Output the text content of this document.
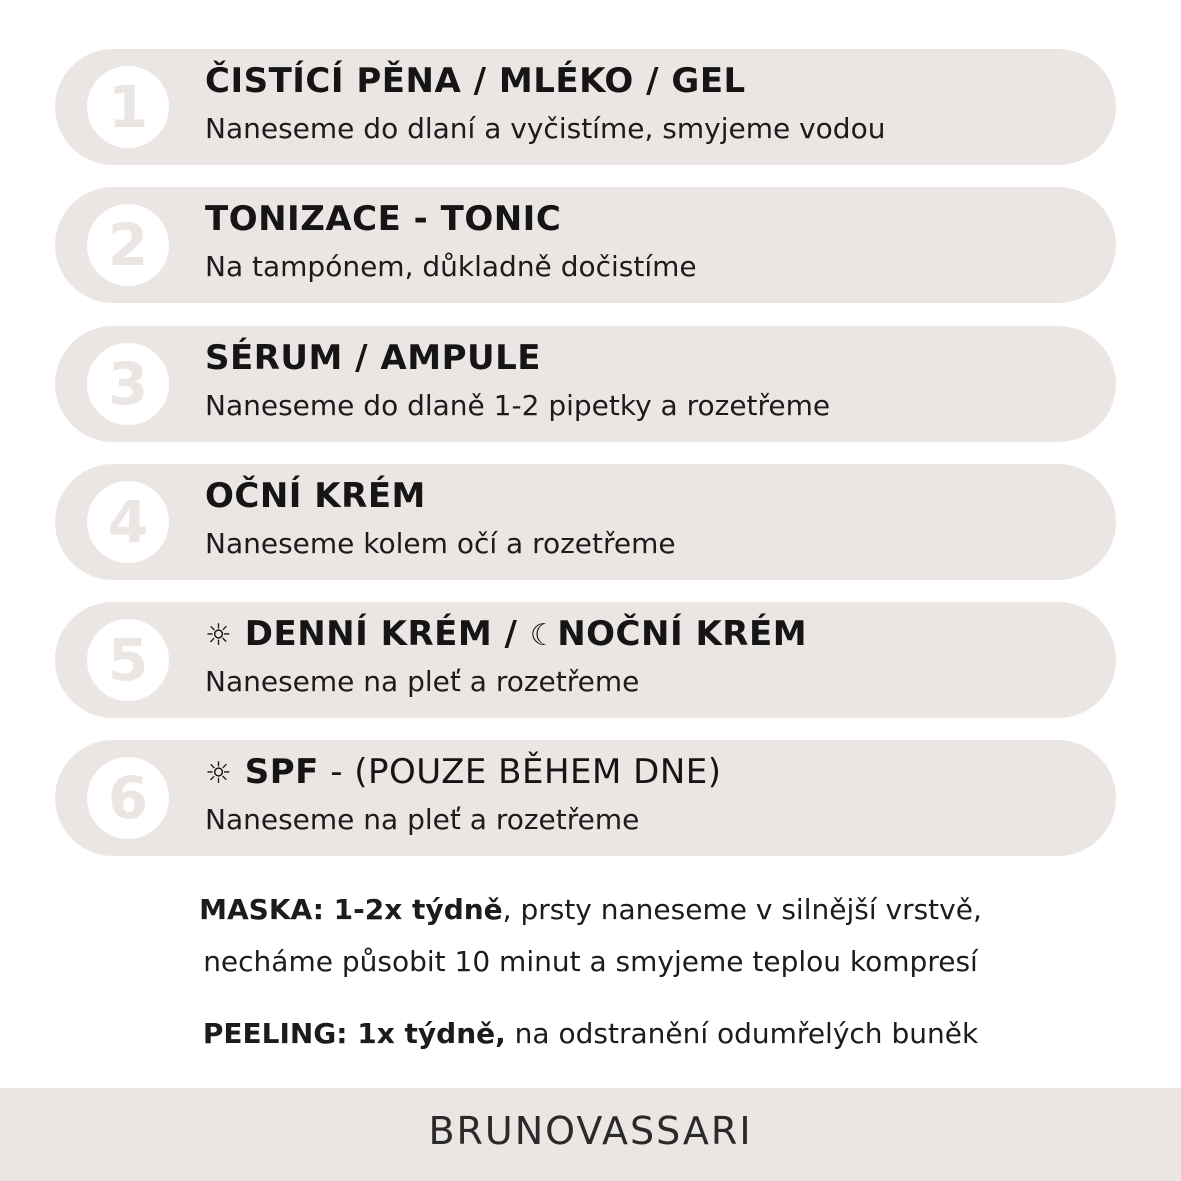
1	ČISTÍCÍ PĚNA / MLÉKO / GEL
Naneseme do dlaní a vyčistíme, smyjeme vodou
2	TONIZACE - TONIC
Na tampónem, důkladně dočistíme
3	SÉRUM / AMPULE
Naneseme do dlaně 1-2 pipetky a rozetřeme
4	OČNÍ KRÉM
Naneseme kolem očí a rozetřeme
5	☼ DENNÍ KRÉM / ☾NOČNÍ KRÉM
Naneseme na pleť a rozetřeme
6	☼ SPF - (POUZE BĚHEM DNE)
Naneseme na pleť a rozetřeme
MASKA: 1-2x týdně, prsty naneseme v silnější vrstvě,
necháme působit 10 minut a smyjeme teplou kompresí
PEELING: 1x týdně, na odstranění odumřelých buněk
BRUNOVASSARI
